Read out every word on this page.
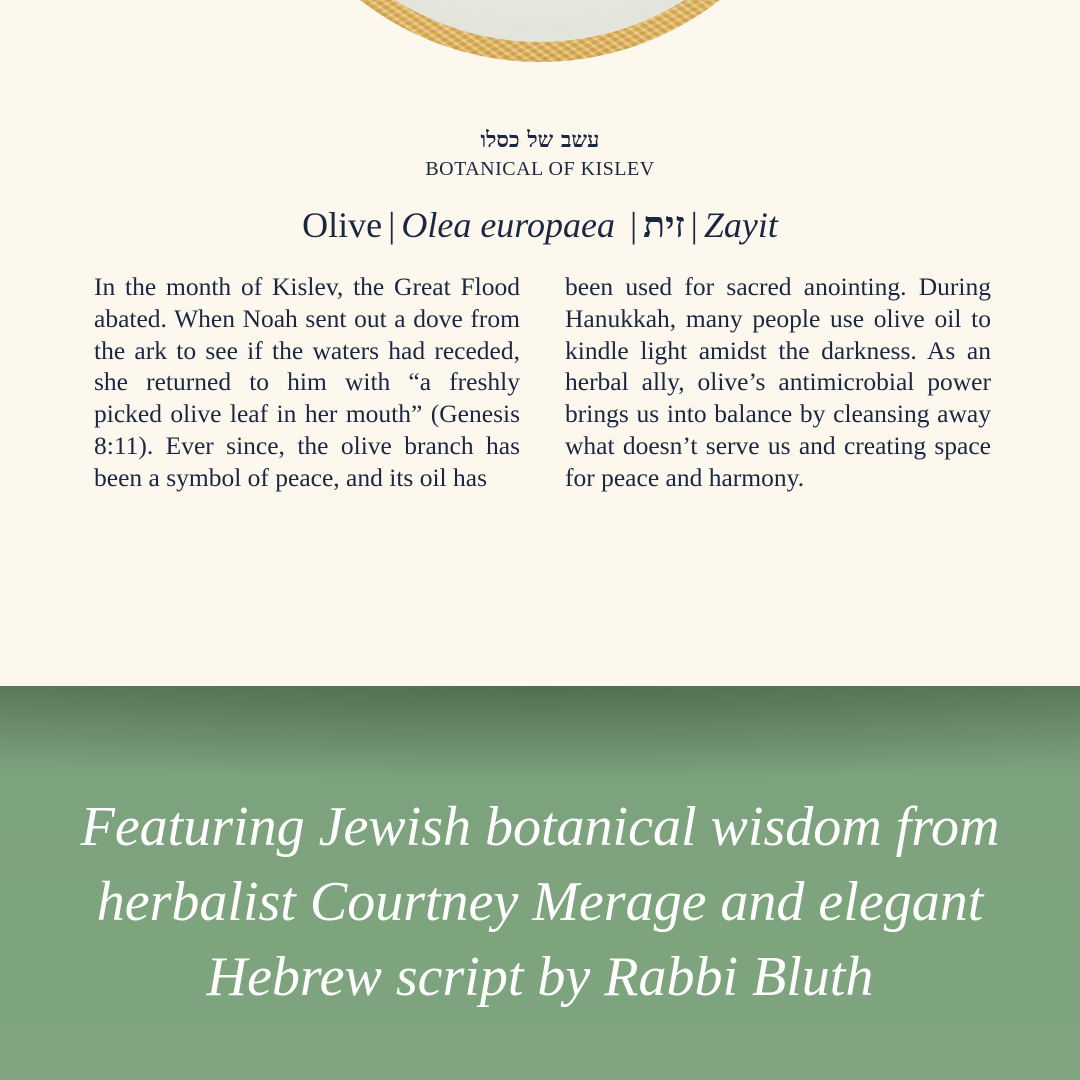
עשב של כסלו
BOTANICAL OF KISLEV
Olive | Olea europaea | זית | Zayit

In the month of Kislev, the Great Flood abated. When Noah sent out a dove from the ark to see if the waters had receded, she returned to him with “a freshly picked olive leaf in her mouth” (Genesis 8:11). Ever since, the olive branch has been a symbol of peace, and its oil has

been used for sacred anointing. During Hanukkah, many people use olive oil to kindle light amidst the darkness. As an herbal ally, olive’s antimicrobial power brings us into balance by cleansing away what doesn’t serve us and creating space for peace and harmony.

Featuring Jewish botanical wisdom from herbalist Courtney Merage and elegant Hebrew script by Rabbi Bluth
